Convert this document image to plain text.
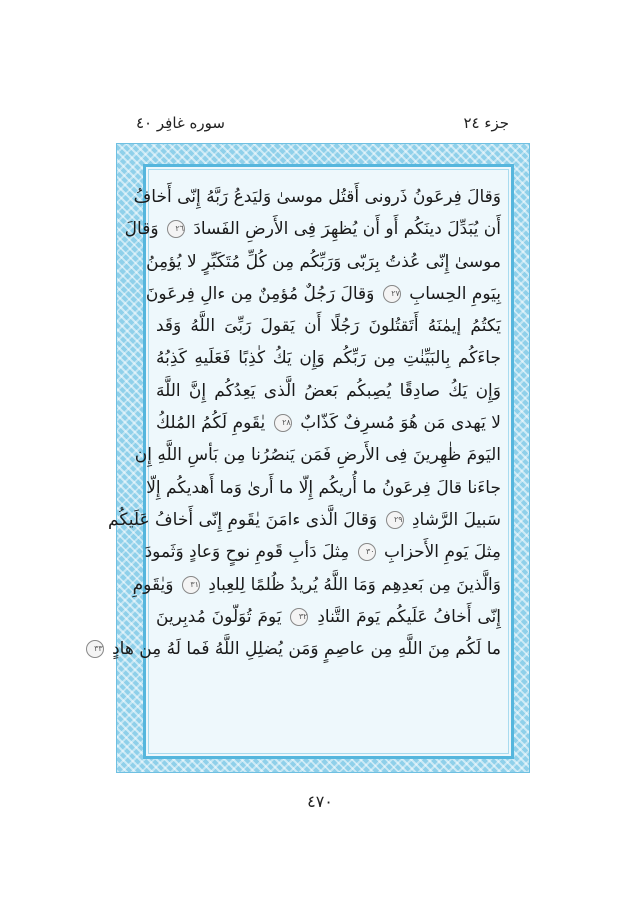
سوره غافِر ٤٠	جزء ٢٤
وَقالَ فِرعَونُ ذَرونى أَقتُل موسىٰ وَليَدعُ رَبَّهُ إِنّى أَخافُ
أَن يُبَدِّلَ دينَكُم أَو أَن يُظهِرَ فِى الأَرضِ الفَسادَ ٢٦ وَقالَ
موسىٰ إِنّى عُذتُ بِرَبّى وَرَبِّكُم مِن كُلِّ مُتَكَبِّرٍ لا يُؤمِنُ
بِيَومِ الحِسابِ ٢٧ وَقالَ رَجُلٌ مُؤمِنٌ مِن ءالِ فِرعَونَ
يَكتُمُ إيمٰنَهُ أَتَقتُلونَ رَجُلًا أَن يَقولَ رَبِّىَ اللَّهُ وَقَد
جاءَكُم بِالبَيِّنٰتِ مِن رَبِّكُم وَإِن يَكُ كٰذِبًا فَعَلَيهِ كَذِبُهُ
وَإِن يَكُ صادِقًا يُصِبكُم بَعضُ الَّذى يَعِدُكُم إِنَّ اللَّهَ
لا يَهدى مَن هُوَ مُسرِفٌ كَذّابٌ ٢٨ يٰقَومِ لَكُمُ المُلكُ
اليَومَ ظٰهِرينَ فِى الأَرضِ فَمَن يَنصُرُنا مِن بَأسِ اللَّهِ إِن
جاءَنا قالَ فِرعَونُ ما أُريكُم إِلّا ما أَرىٰ وَما أَهديكُم إِلّا
سَبيلَ الرَّشادِ ٢٩ وَقالَ الَّذى ءامَنَ يٰقَومِ إِنّى أَخافُ عَلَيكُم
مِثلَ يَومِ الأَحزابِ ٣٠ مِثلَ دَأبِ قَومِ نوحٍ وَعادٍ وَثَمودَ
وَالَّذينَ مِن بَعدِهِم وَمَا اللَّهُ يُريدُ ظُلمًا لِلعِبادِ ٣١ وَيٰقَومِ
إِنّى أَخافُ عَلَيكُم يَومَ التَّنادِ ٣٢ يَومَ تُوَلّونَ مُدبِرينَ
ما لَكُم مِنَ اللَّهِ مِن عاصِمٍ وَمَن يُضلِلِ اللَّهُ فَما لَهُ مِن هادٍ ٣٣
٤٧٠
